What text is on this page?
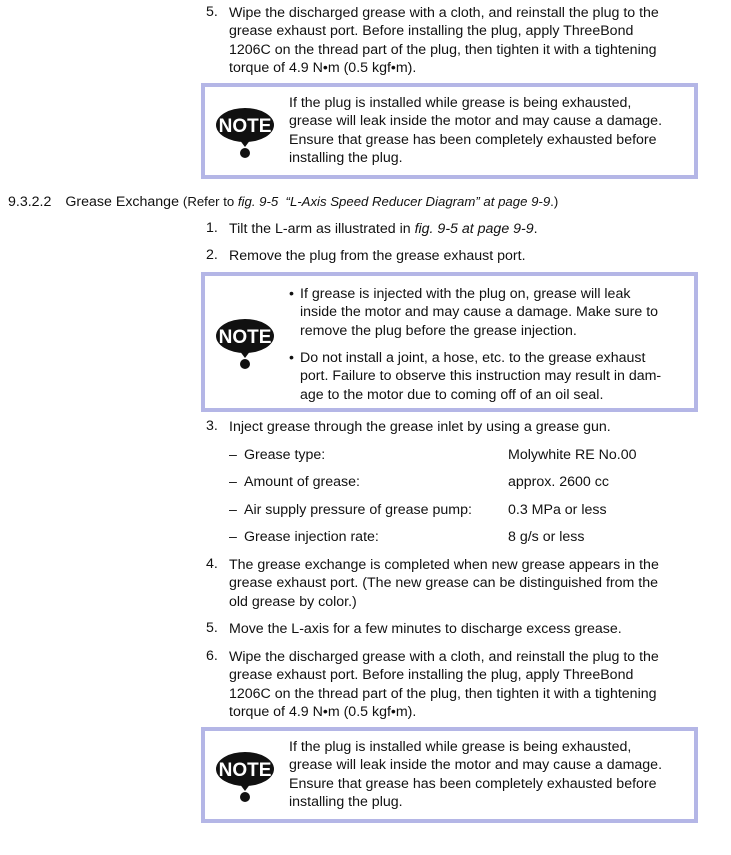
5. Wipe the discharged grease with a cloth, and reinstall the plug to the
grease exhaust port. Before installing the plug, apply ThreeBond
1206C on the thread part of the plug, then tighten it with a tightening
torque of 4.9 N•m (0.5 kgf•m).
NOTE
If the plug is installed while grease is being exhausted,
grease will leak inside the motor and may cause a damage.
Ensure that grease has been completely exhausted before
installing the plug.
9.3.2.2 Grease Exchange (Refer to fig. 9-5 “L-Axis Speed Reducer Diagram” at page 9-9.)
1. Tilt the L-arm as illustrated in fig. 9-5 at page 9-9.
2. Remove the plug from the grease exhaust port.
NOTE
• If grease is injected with the plug on, grease will leak
inside the motor and may cause a damage. Make sure to
remove the plug before the grease injection.
• Do not install a joint, a hose, etc. to the grease exhaust
port. Failure to observe this instruction may result in dam-
age to the motor due to coming off of an oil seal.
3. Inject grease through the grease inlet by using a grease gun.
– Grease type:	Molywhite RE No.00
– Amount of grease:	approx. 2600 cc
– Air supply pressure of grease pump:	0.3 MPa or less
– Grease injection rate:	8 g/s or less
4. The grease exchange is completed when new grease appears in the
grease exhaust port. (The new grease can be distinguished from the
old grease by color.)
5. Move the L-axis for a few minutes to discharge excess grease.
6. Wipe the discharged grease with a cloth, and reinstall the plug to the
grease exhaust port. Before installing the plug, apply ThreeBond
1206C on the thread part of the plug, then tighten it with a tightening
torque of 4.9 N•m (0.5 kgf•m).
NOTE
If the plug is installed while grease is being exhausted,
grease will leak inside the motor and may cause a damage.
Ensure that grease has been completely exhausted before
installing the plug.
